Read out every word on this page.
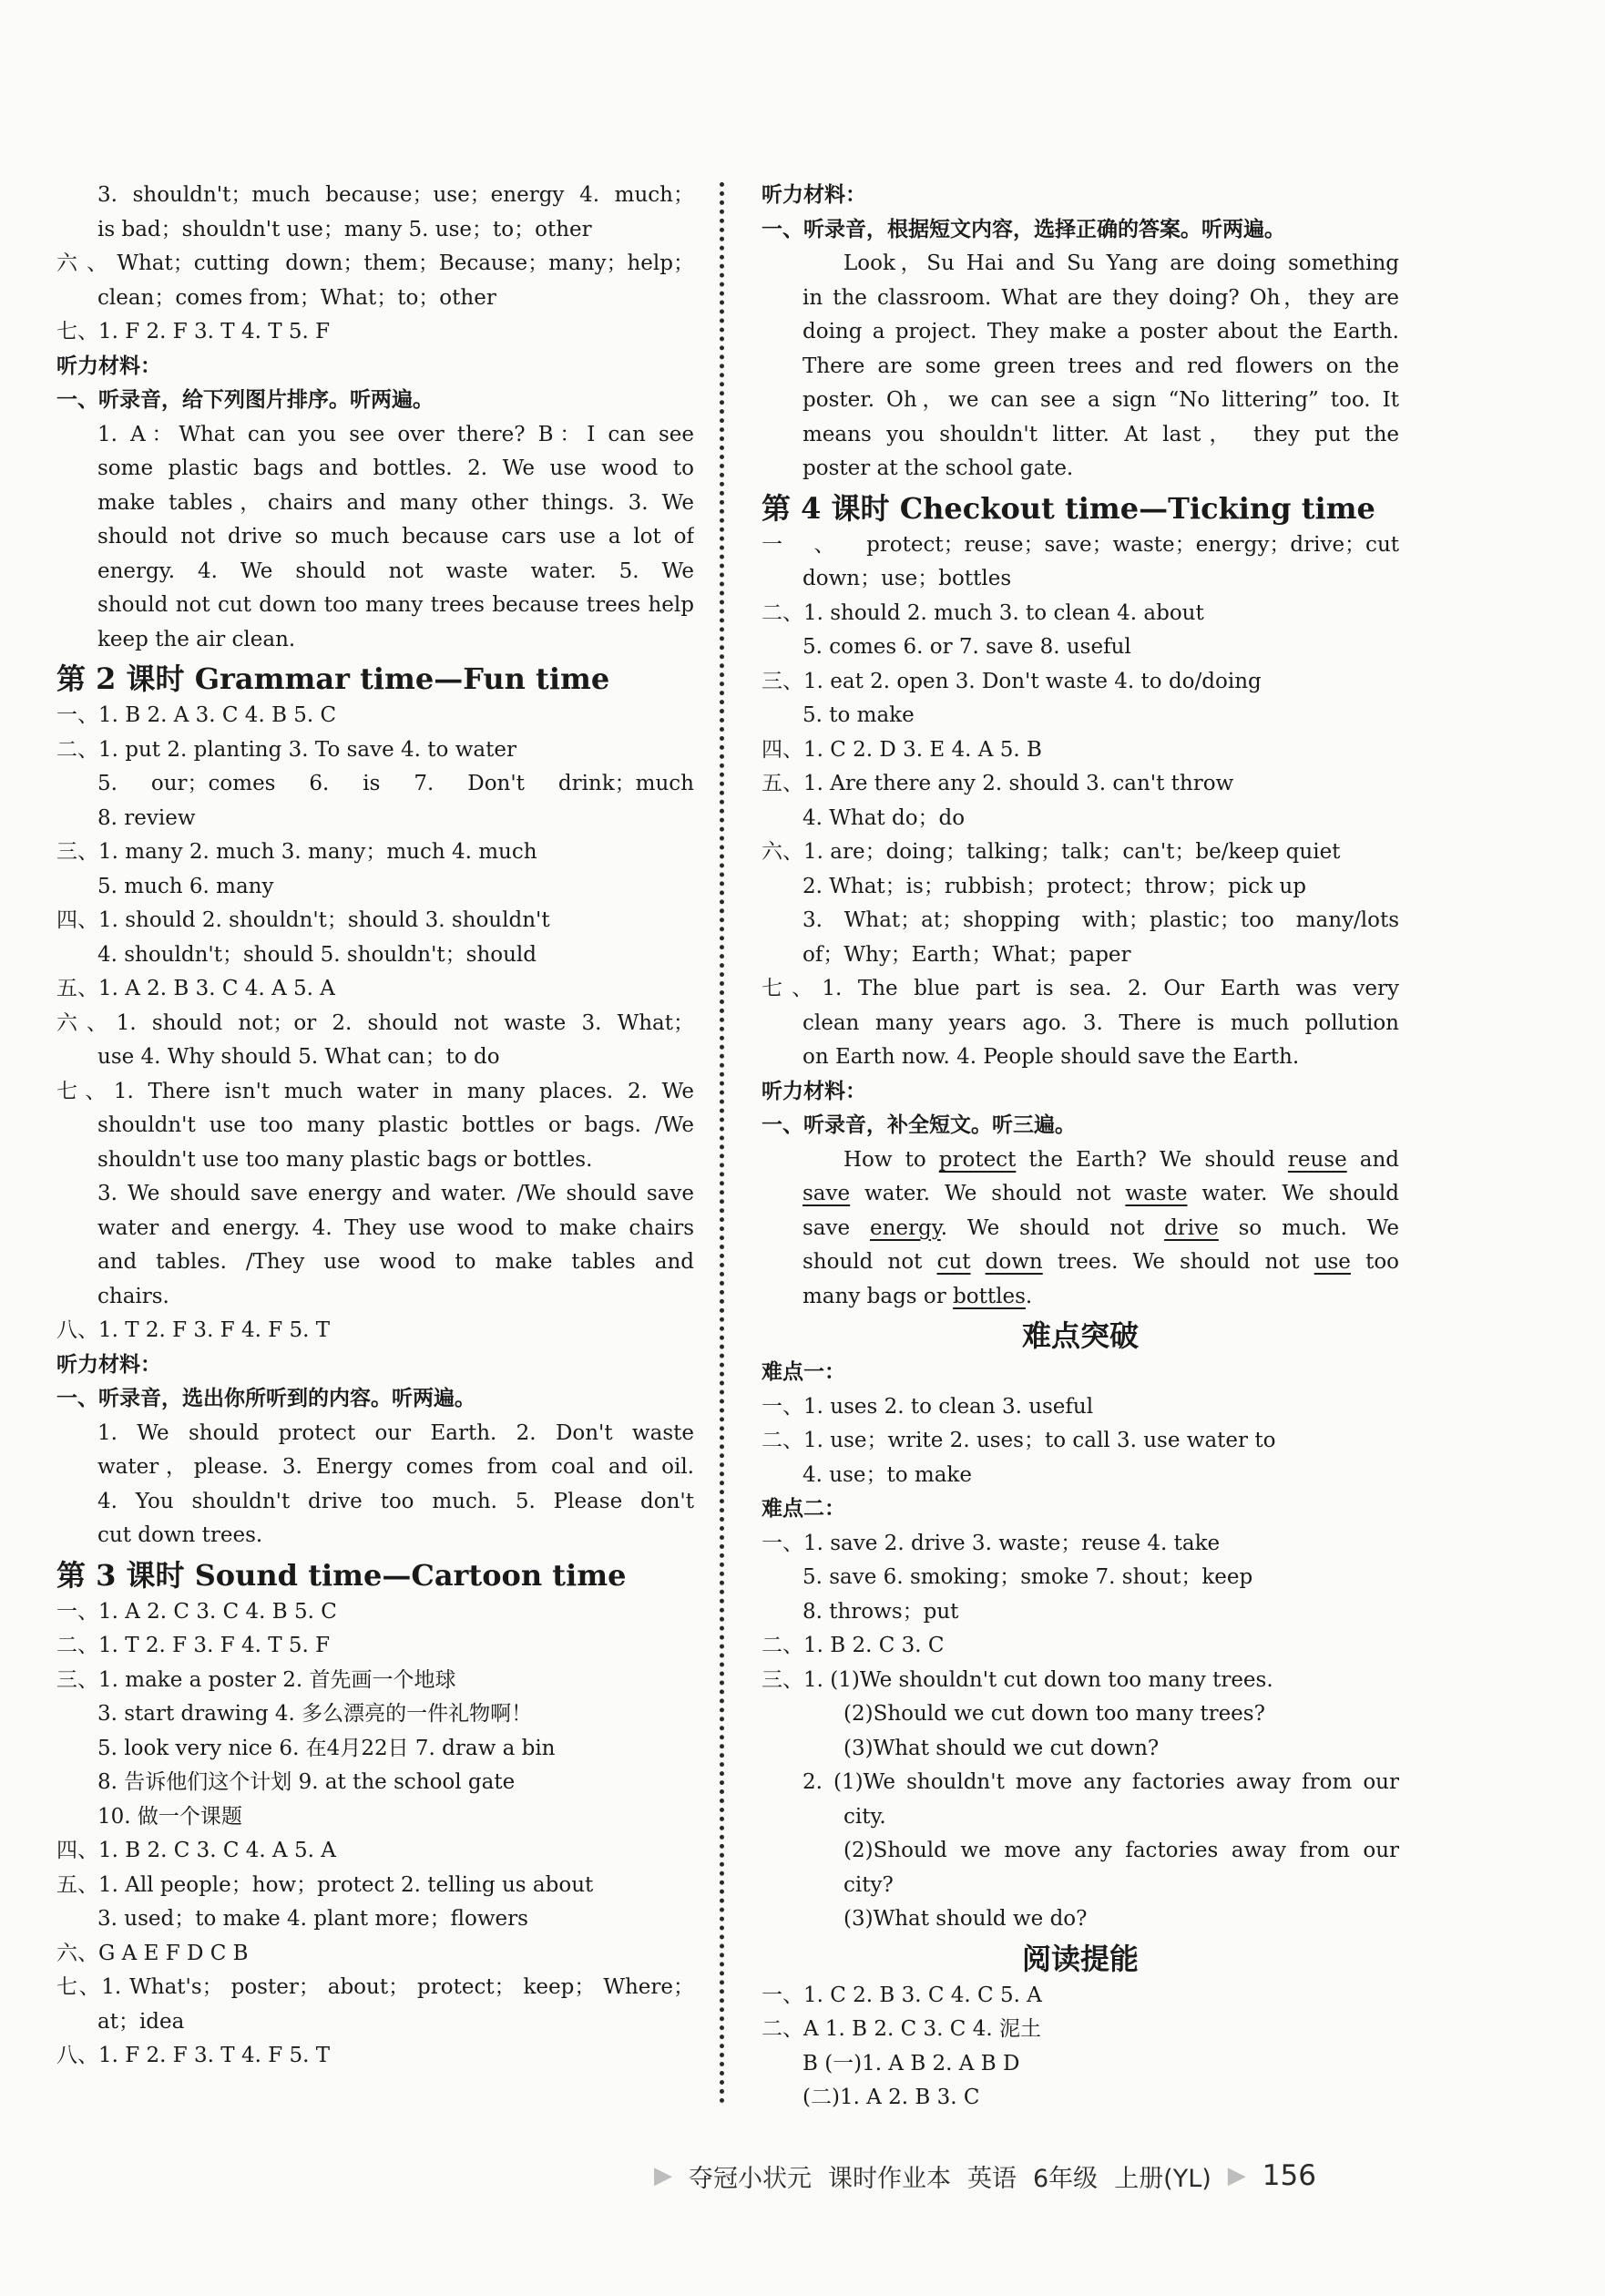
3. shouldn't；much because；use；energy 4. much；
is bad；shouldn't use；many 5. use；to；other
六、What；cutting down；them；Because；many；help；
clean；comes from；What；to；other
七、1. F 2. F 3. T 4. T 5. F
听力材料：
一、听录音，给下列图片排序。听两遍。
1. A：What can you see over there? B：I can see
some plastic bags and bottles. 2. We use wood to
make tables，chairs and many other things. 3. We
should not drive so much because cars use a lot of
energy. 4. We should not waste water. 5. We
should not cut down too many trees because trees help
keep the air clean.
第 2 课时 Grammar time—Fun time
一、1. B 2. A 3. C 4. B 5. C
二、1. put 2. planting 3. To save 4. to water
5. our；comes 6. is 7. Don't drink；much
8. review
三、1. many 2. much 3. many；much 4. much
5. much 6. many
四、1. should 2. shouldn't；should 3. shouldn't
4. shouldn't；should 5. shouldn't；should
五、1. A 2. B 3. C 4. A 5. A
六、1. should not；or 2. should not waste 3. What；
use 4. Why should 5. What can；to do
七、1. There isn't much water in many places. 2. We
shouldn't use too many plastic bottles or bags. /We
shouldn't use too many plastic bags or bottles.
3. We should save energy and water. /We should save
water and energy. 4. They use wood to make chairs
and tables. /They use wood to make tables and
chairs.
八、1. T 2. F 3. F 4. F 5. T
听力材料：
一、听录音，选出你所听到的内容。听两遍。
1. We should protect our Earth. 2. Don't waste
water，please. 3. Energy comes from coal and oil.
4. You shouldn't drive too much. 5. Please don't
cut down trees.
第 3 课时 Sound time—Cartoon time
一、1. A 2. C 3. C 4. B 5. C
二、1. T 2. F 3. F 4. T 5. F
三、1. make a poster 2. 首先画一个地球
3. start drawing 4. 多么漂亮的一件礼物啊！
5. look very nice 6. 在4月22日 7. draw a bin
8. 告诉他们这个计划 9. at the school gate
10. 做一个课题
四、1. B 2. C 3. C 4. A 5. A
五、1. All people；how；protect 2. telling us about
3. used；to make 4. plant more；flowers
六、G A E F D C B
七、1. What's； poster； about； protect； keep； Where；
at；idea
八、1. F 2. F 3. T 4. F 5. T
听力材料：
一、听录音，根据短文内容，选择正确的答案。听两遍。
Look，Su Hai and Su Yang are doing something
in the classroom. What are they doing? Oh，they are
doing a project. They make a poster about the Earth.
There are some green trees and red flowers on the
poster. Oh，we can see a sign “No littering” too. It
means you shouldn't litter. At last， they put the
poster at the school gate.
第 4 课时 Checkout time—Ticking time
一、protect；reuse；save；waste；energy；drive；cut
down；use；bottles
二、1. should 2. much 3. to clean 4. about
5. comes 6. or 7. save 8. useful
三、1. eat 2. open 3. Don't waste 4. to do/doing
5. to make
四、1. C 2. D 3. E 4. A 5. B
五、1. Are there any 2. should 3. can't throw
4. What do；do
六、1. are；doing；talking；talk；can't；be/keep quiet
2. What；is；rubbish；protect；throw；pick up
3. What；at；shopping with；plastic；too many/lots
of；Why；Earth；What；paper
七、1. The blue part is sea. 2. Our Earth was very
clean many years ago. 3. There is much pollution
on Earth now. 4. People should save the Earth.
听力材料：
一、听录音，补全短文。听三遍。
How to protect the Earth? We should reuse and
save water. We should not waste water. We should
save energy. We should not drive so much. We
should not cut down trees. We should not use too
many bags or bottles.
难点突破
难点一：
一、1. uses 2. to clean 3. useful
二、1. use；write 2. uses；to call 3. use water to
4. use；to make
难点二：
一、1. save 2. drive 3. waste；reuse 4. take
5. save 6. smoking；smoke 7. shout；keep
8. throws；put
二、1. B 2. C 3. C
三、1. (1)We shouldn't cut down too many trees.
(2)Should we cut down too many trees?
(3)What should we cut down?
2. (1)We shouldn't move any factories away from our
city.
(2)Should we move any factories away from our
city?
(3)What should we do?
阅读提能
一、1. C 2. B 3. C 4. C 5. A
二、A 1. B 2. C 3. C 4. 泥土
B (一)1. A B 2. A B D
(二)1. A 2. B 3. C
▶ 夺冠小状元 课时作业本 英语 6年级 上册(YL) ▶ 156
